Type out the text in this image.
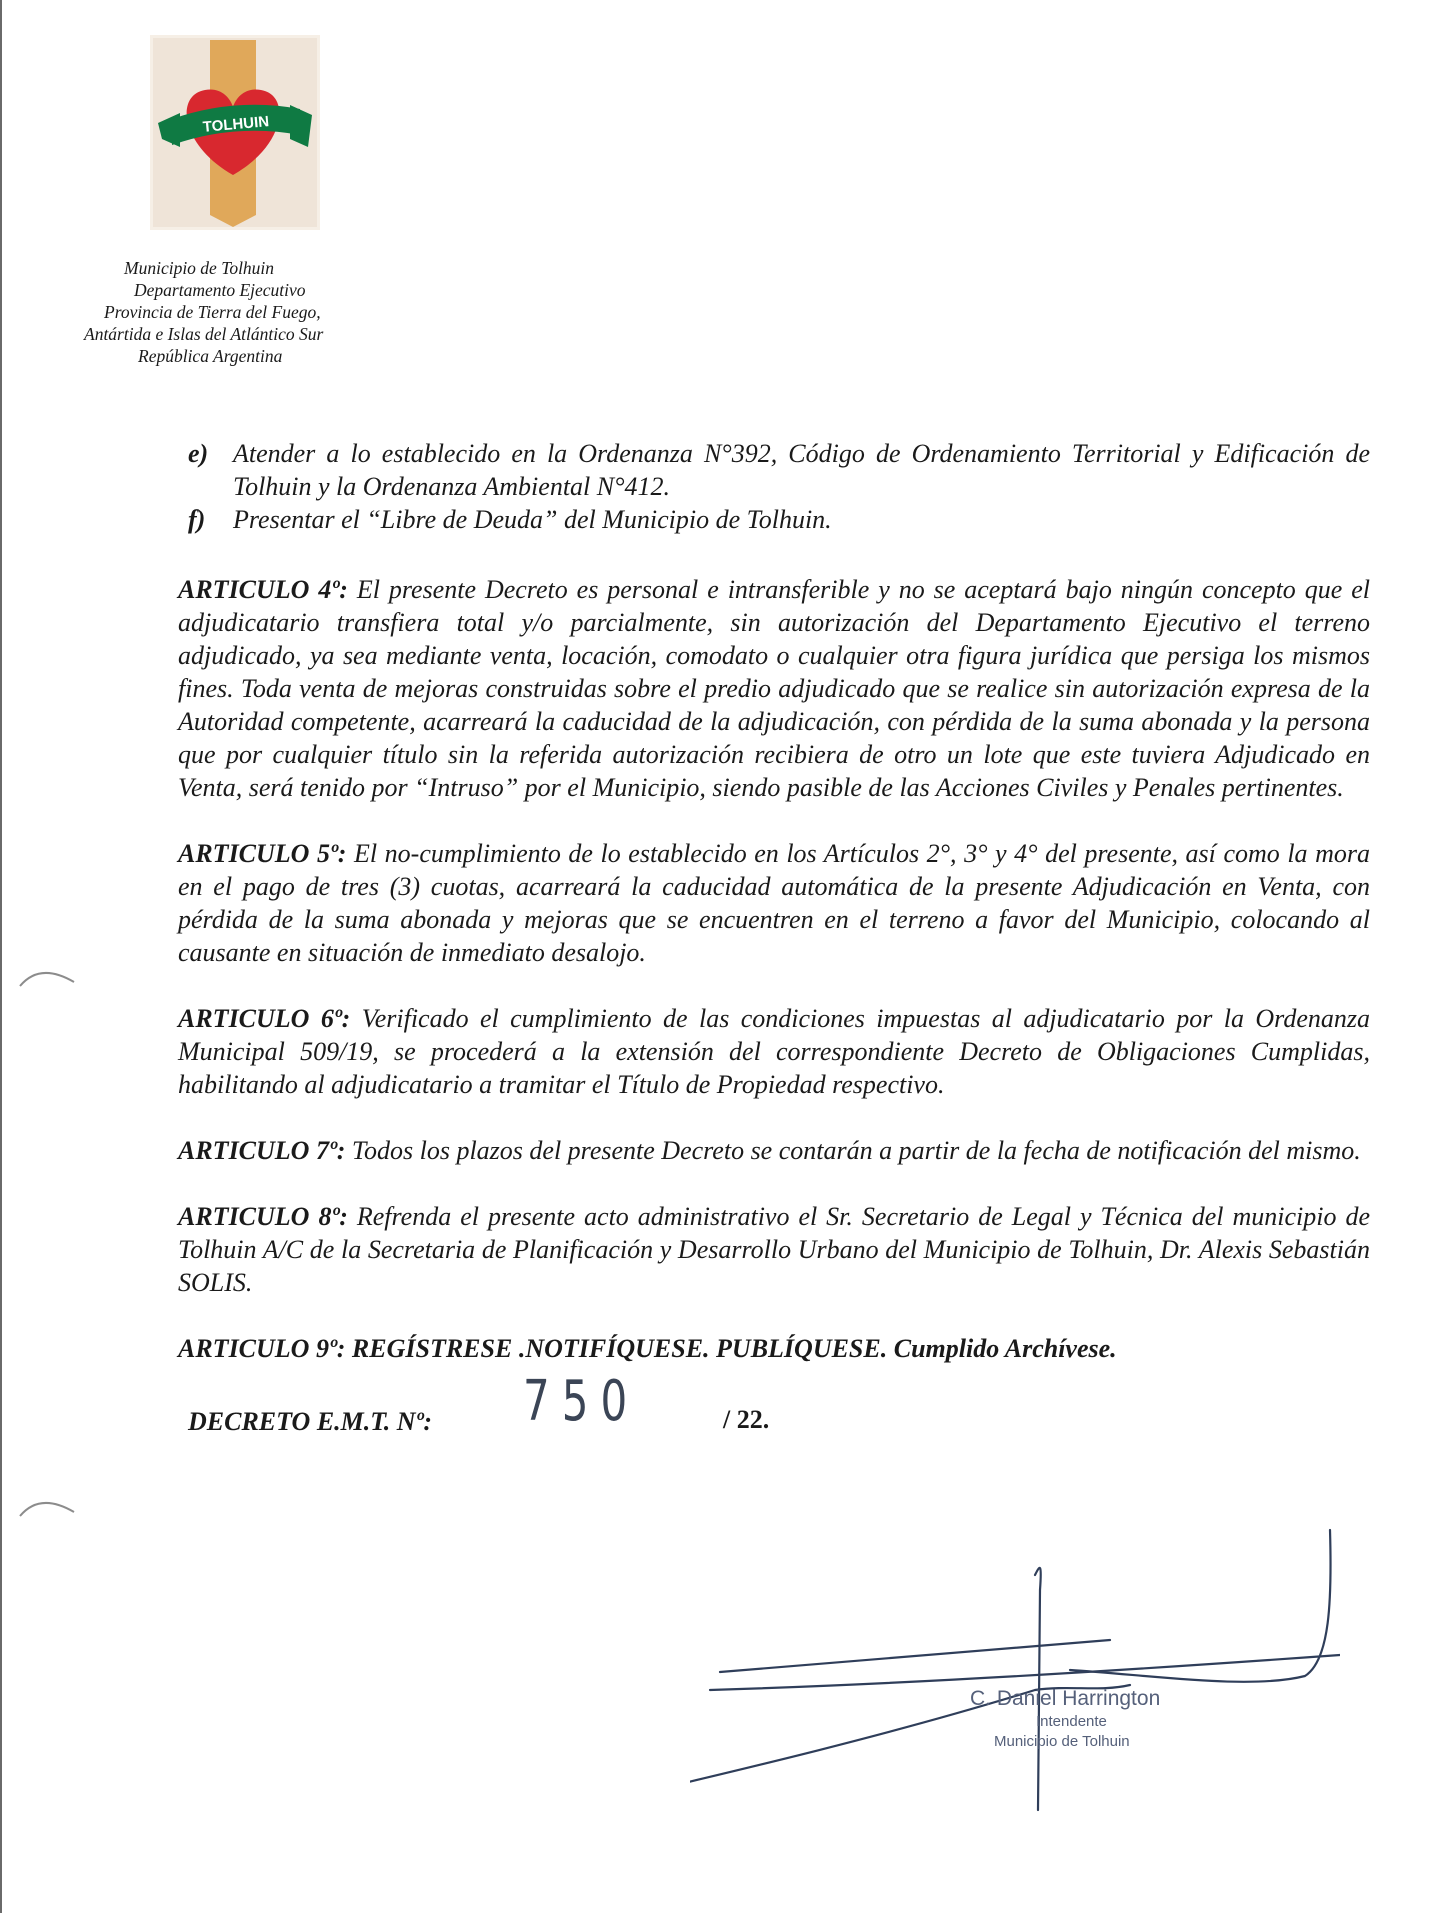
TOLHUIN
Municipio de Tolhuin
Departamento Ejecutivo
Provincia de Tierra del Fuego,
Antártida e Islas del Atlántico Sur
República Argentina
e) Atender a lo establecido en la Ordenanza N°392, Código de Ordenamiento Territorial y Edificación de Tolhuin y la Ordenanza Ambiental N°412.
f) Presentar el “Libre de Deuda” del Municipio de Tolhuin.
ARTICULO 4º: El presente Decreto es personal e intransferible y no se aceptará bajo ningún concepto que el adjudicatario transfiera total y/o parcialmente, sin autorización del Departamento Ejecutivo el terreno adjudicado, ya sea mediante venta, locación, comodato o cualquier otra figura jurídica que persiga los mismos fines. Toda venta de mejoras construidas sobre el predio adjudicado que se realice sin autorización expresa de la Autoridad competente, acarreará la caducidad de la adjudicación, con pérdida de la suma abonada y la persona que por cualquier título sin la referida autorización recibiera de otro un lote que este tuviera Adjudicado en Venta, será tenido por “Intruso” por el Municipio, siendo pasible de las Acciones Civiles y Penales pertinentes.
ARTICULO 5º: El no-cumplimiento de lo establecido en los Artículos 2°, 3° y 4° del presente, así como la mora en el pago de tres (3) cuotas, acarreará la caducidad automática de la presente Adjudicación en Venta, con pérdida de la suma abonada y mejoras que se encuentren en el terreno a favor del Municipio, colocando al causante en situación de inmediato desalojo.
ARTICULO 6º: Verificado el cumplimiento de las condiciones impuestas al adjudicatario por la Ordenanza Municipal 509/19, se procederá a la extensión del correspondiente Decreto de Obligaciones Cumplidas, habilitando al adjudicatario a tramitar el Título de Propiedad respectivo.
ARTICULO 7º: Todos los plazos del presente Decreto se contarán a partir de la fecha de notificación del mismo.
ARTICULO 8º: Refrenda el presente acto administrativo el Sr. Secretario de Legal y Técnica del municipio de Tolhuin A/C de la Secretaria de Planificación y Desarrollo Urbano del Municipio de Tolhuin, Dr. Alexis Sebastián SOLIS.
ARTICULO 9º: REGÍSTRESE .NOTIFÍQUESE. PUBLÍQUESE. Cumplido Archívese.
DECRETO E.M.T. Nº: 750	/ 22.
C. Daniel Harrington
Intendente
Municipio de Tolhuin
